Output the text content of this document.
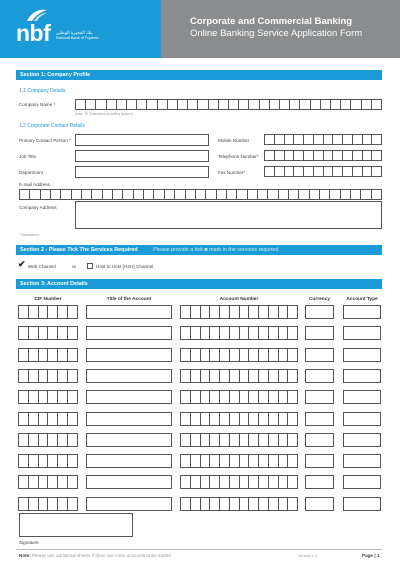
nbf بنك الفجيرة الوطني
National Bank of Fujairah
Corporate and Commercial Banking
Online Banking Service Application Form
Section 1: Company Profile
1.1 Company Details
Company Name *
(Max. 70 Characters including spaces)
1.2 Corporate Contact Details
Primary Contact Person *	Mobile Number
Job Title	Telephone Number*
Department	Fax Number*
E-mail Address
Company Address
* Mandatory
Section 2 - Please Tick The Services Required	Please provide a tick ■ mark in the services required
✔ Web Channel	or	Host to Host (H2H) Channel
Section 3: Account Details
CIF Number	Title of the Account	Account Number	Currency	Account Type
Signature
Note: Please use additional sheets if there are more accounts to be added	Version 1.0	Page | 1
